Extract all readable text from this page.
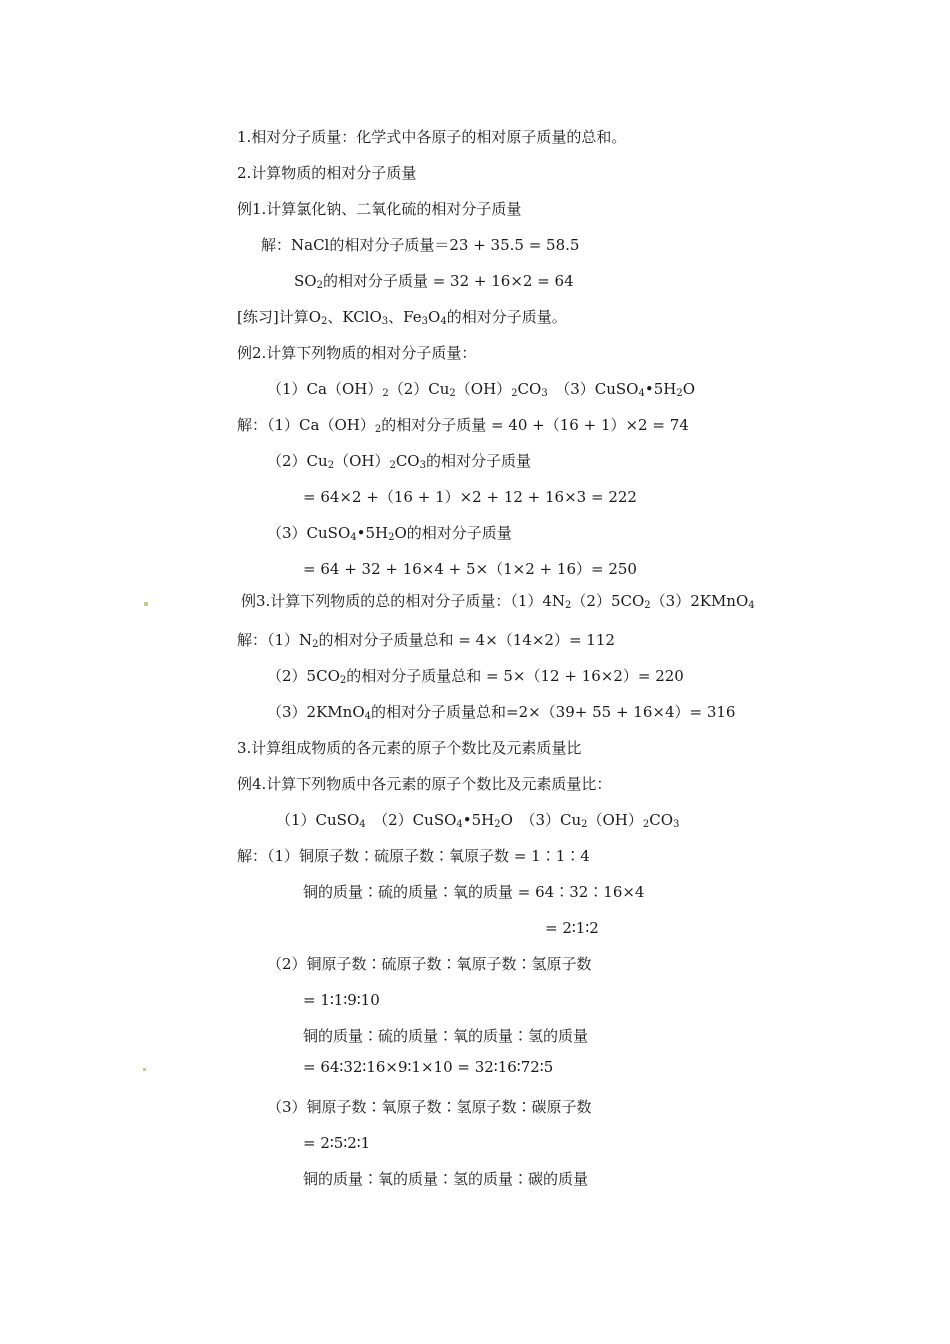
1.相对分子质量：化学式中各原子的相对原子质量的总和。
2.计算物质的相对分子质量
例1.计算氯化钠、二氧化硫的相对分子质量
解：NaCl的相对分子质量＝23 + 35.5 = 58.5
$SO_2$的相对分子质量 = 32 + 16×2 = 64
[练习]计算$O_2$、KClO$_3$、$Fe_3O_4$的相对分子质量。
例2.计算下列物质的相对分子质量：
$(1)Ca(OH)_2(2)Cu_2(OH)_2CO_3$　$(3)CuSO_4•5H_2O$
解：$(1)Ca(OH)_2$的相对分子质量 = 40 +（16 + 1）×2 = 74
$(2)Cu_2(OH)_2CO_3$的相对分子质量
= 64×2 +（16 + 1）×2 + 12 + 16×3 = 222
$(3)CuSO_4•5H_2O$的相对分子质量
= 64 + 32 + 16×4 + 5×（1×2 + 16）= 250
例3.计算下列物质的总的相对分子质量：$(1)4N_2(2)5CO_2(3)2KMnO_4$
解：$(1)N_2$的相对分子质量总和 = 4×（14×2）= 112
$(2)5CO_2$的相对分子质量总和 = 5×（12 + 16×2）= 220
（3）2KMnO$_4$的相对分子质量总和=2×（39+ 55 + 16×4）= 316
3.计算组成物质的各元素的原子个数比及元素质量比
例4.计算下列物质中各元素的原子个数比及元素质量比：
（1）CuSO$_4$　$(2)CuSO_4•5H_2O$　$(3)Cu_2(OH)_2CO_3$
解：（1）铜原子数∶硫原子数∶氧原子数 = 1∶1∶4
铜的质量∶硫的质量∶氧的质量 = 64∶32∶16×4
= 2∶1∶2
（2）铜原子数∶硫原子数∶氧原子数∶氢原子数
= 1∶1∶9∶10
铜的质量∶硫的质量∶氧的质量∶氢的质量
= 64∶32∶16×9∶1×10 = 32∶16∶72∶5
（3）铜原子数∶氧原子数∶氢原子数∶碳原子数
= 2∶5∶2∶1
铜的质量∶氧的质量∶氢的质量∶碳的质量
